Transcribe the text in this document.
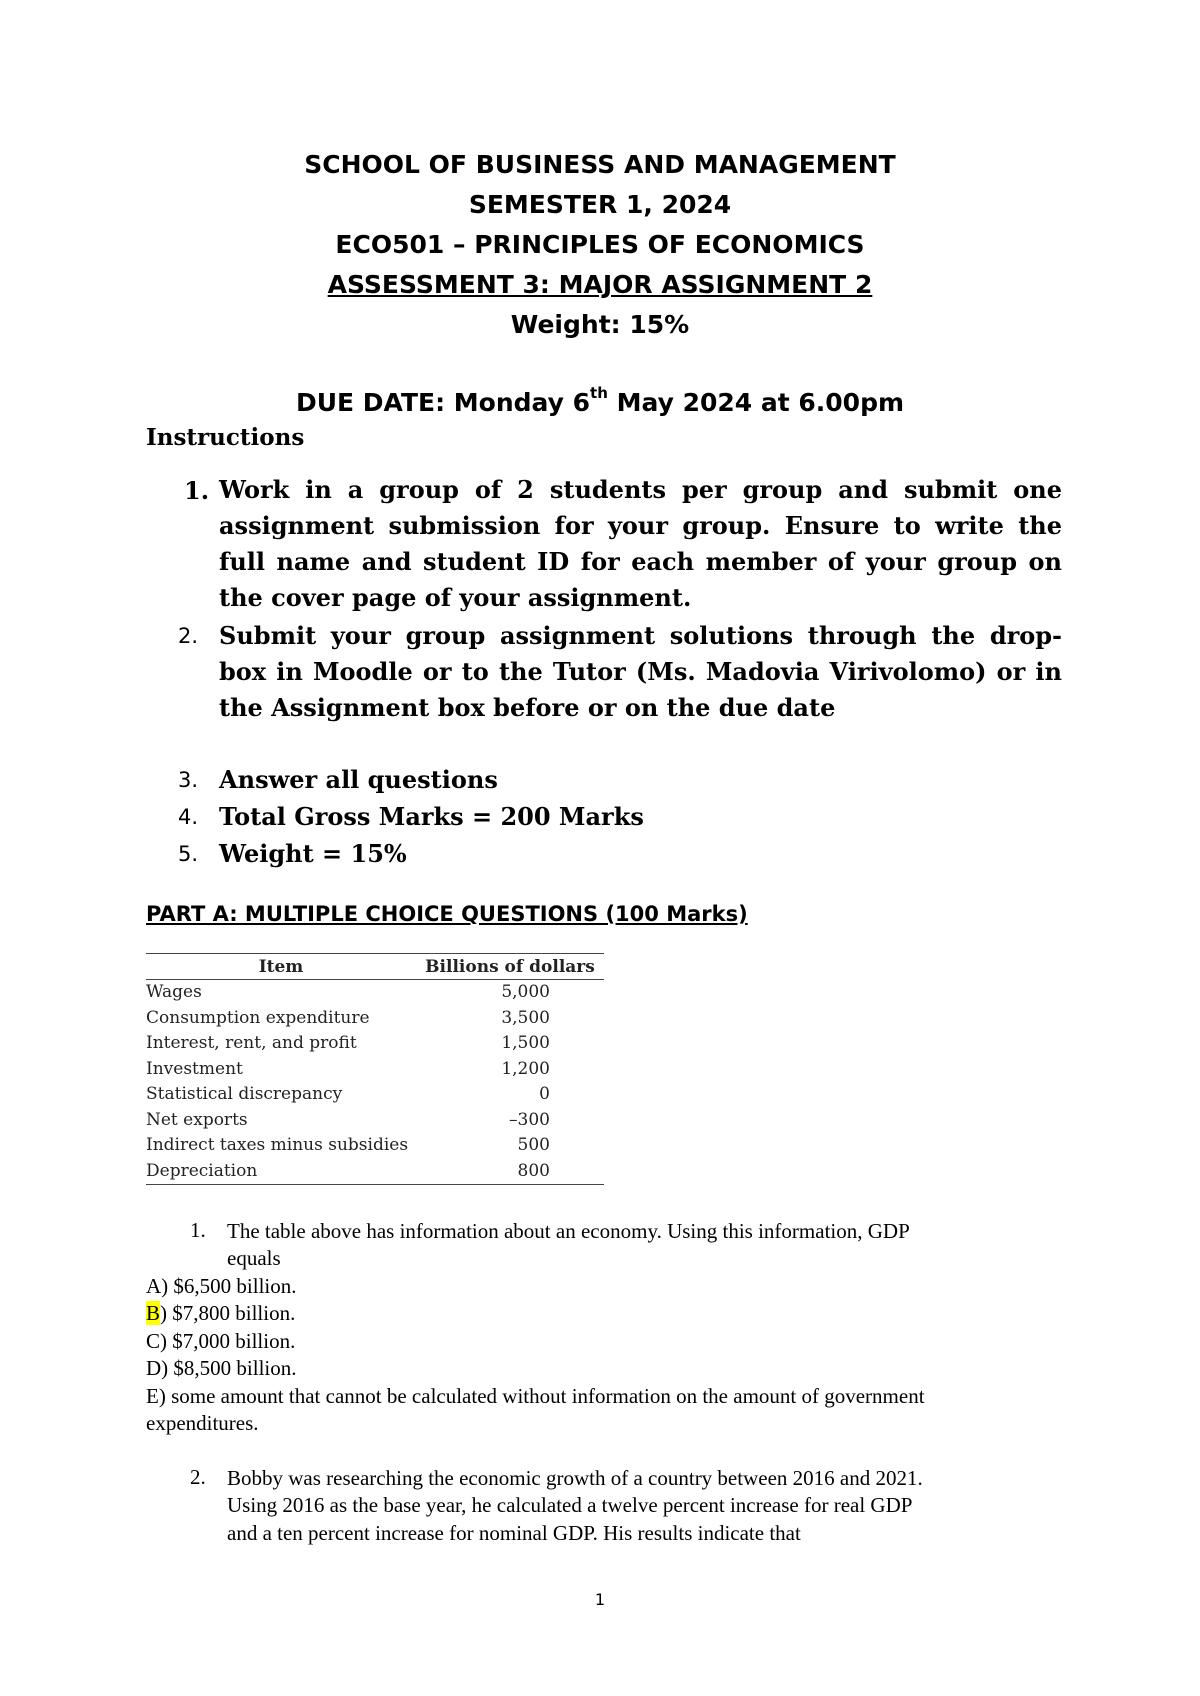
SCHOOL OF BUSINESS AND MANAGEMENT
SEMESTER 1, 2024
ECO501 – PRINCIPLES OF ECONOMICS
ASSESSMENT 3: MAJOR ASSIGNMENT 2
Weight: 15%
DUE DATE: Monday 6th May 2024 at 6.00pm
Instructions
1. Work in a group of 2 students per group and submit one assignment submission for your group. Ensure to write the full name and student ID for each member of your group on the cover page of your assignment.
2. Submit your group assignment solutions through the drop-box in Moodle or to the Tutor (Ms. Madovia Virivolomo) or in the Assignment box before or on the due date
3. Answer all questions
4. Total Gross Marks = 200 Marks
5. Weight = 15%
PART A: MULTIPLE CHOICE QUESTIONS (100 Marks)
Item	Billions of dollars
Wages	5,000
Consumption expenditure	3,500
Interest, rent, and profit	1,500
Investment	1,200
Statistical discrepancy	0
Net exports	–300
Indirect taxes minus subsidies	500
Depreciation	800
1. The table above has information about an economy. Using this information, GDP
equals
A) $6,500 billion.
B) $7,800 billion.
C) $7,000 billion.
D) $8,500 billion.
E) some amount that cannot be calculated without information on the amount of government
expenditures.
2. Bobby was researching the economic growth of a country between 2016 and 2021.
Using 2016 as the base year, he calculated a twelve percent increase for real GDP
and a ten percent increase for nominal GDP. His results indicate that
1
